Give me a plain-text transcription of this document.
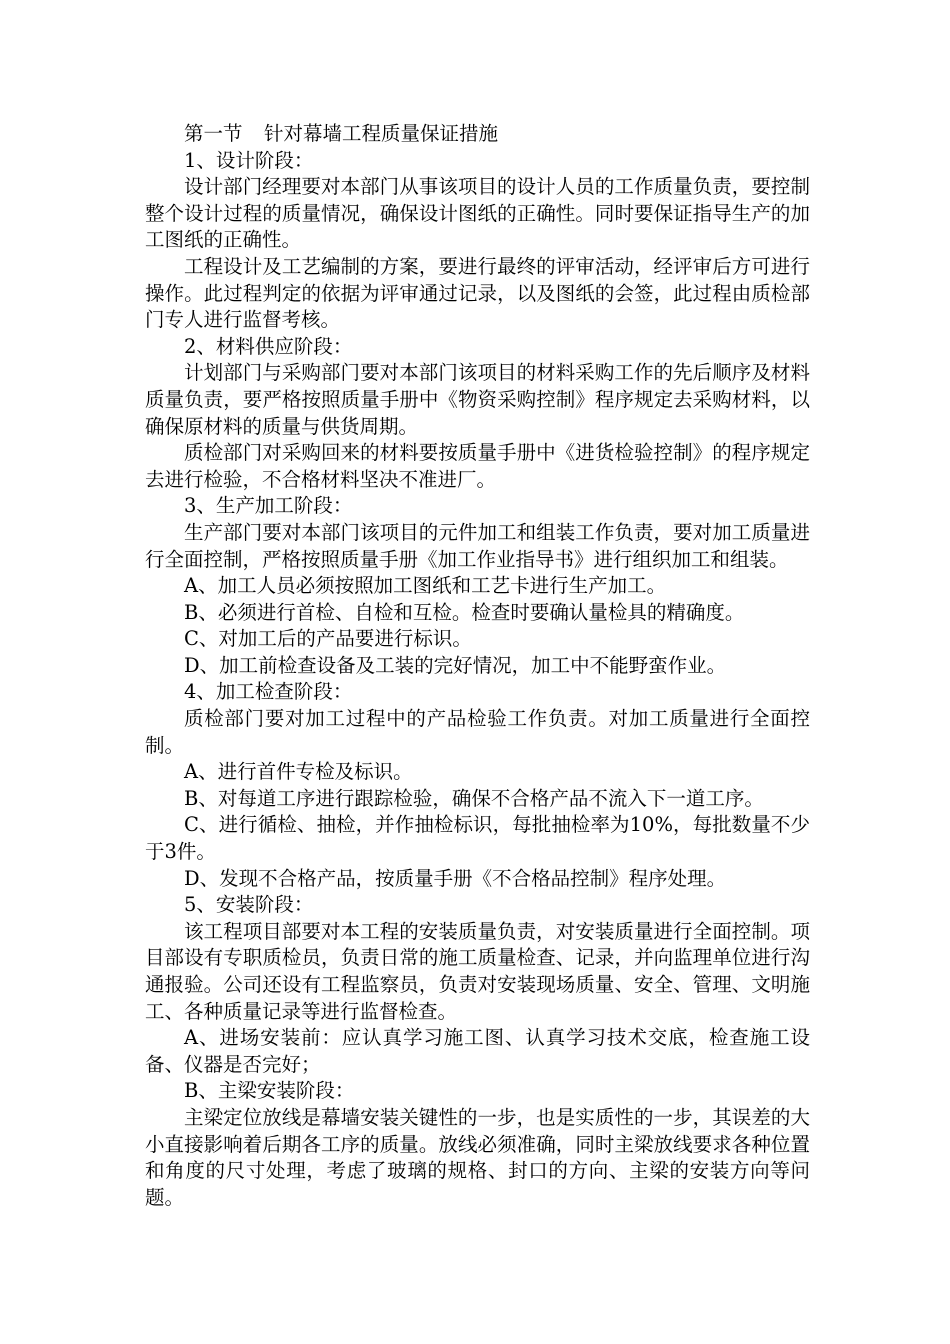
第一节 针对幕墙工程质量保证措施

1、设计阶段：

设计部门经理要对本部门从事该项目的设计人员的工作质量负责，要控制整个设计过程的质量情况，确保设计图纸的正确性。同时要保证指导生产的加工图纸的正确性。

工程设计及工艺编制的方案，要进行最终的评审活动，经评审后方可进行操作。此过程判定的依据为评审通过记录，以及图纸的会签，此过程由质检部门专人进行监督考核。

2、材料供应阶段：

计划部门与采购部门要对本部门该项目的材料采购工作的先后顺序及材料质量负责，要严格按照质量手册中《物资采购控制》程序规定去采购材料，以确保原材料的质量与供货周期。

质检部门对采购回来的材料要按质量手册中《进货检验控制》的程序规定去进行检验，不合格材料坚决不准进厂。

3、生产加工阶段：

生产部门要对本部门该项目的元件加工和组装工作负责，要对加工质量进行全面控制，严格按照质量手册《加工作业指导书》进行组织加工和组装。

A、加工人员必须按照加工图纸和工艺卡进行生产加工。

B、必须进行首检、自检和互检。检查时要确认量检具的精确度。

C、对加工后的产品要进行标识。

D、加工前检查设备及工装的完好情况，加工中不能野蛮作业。

4、加工检查阶段：

质检部门要对加工过程中的产品检验工作负责。对加工质量进行全面控制。

A、进行首件专检及标识。

B、对每道工序进行跟踪检验，确保不合格产品不流入下一道工序。

C、进行循检、抽检，并作抽检标识，每批抽检率为10%，每批数量不少于3件。

D、发现不合格产品，按质量手册《不合格品控制》程序处理。

5、安装阶段：

该工程项目部要对本工程的安装质量负责，对安装质量进行全面控制。项目部设有专职质检员，负责日常的施工质量检查、记录，并向监理单位进行沟通报验。公司还设有工程监察员，负责对安装现场质量、安全、管理、文明施工、各种质量记录等进行监督检查。

A、进场安装前：应认真学习施工图、认真学习技术交底，检查施工设备、仪器是否完好；

B、主梁安装阶段：

主梁定位放线是幕墙安装关键性的一步，也是实质性的一步，其误差的大小直接影响着后期各工序的质量。放线必须准确，同时主梁放线要求各种位置和角度的尺寸处理，考虑了玻璃的规格、封口的方向、主梁的安装方向等问题。
